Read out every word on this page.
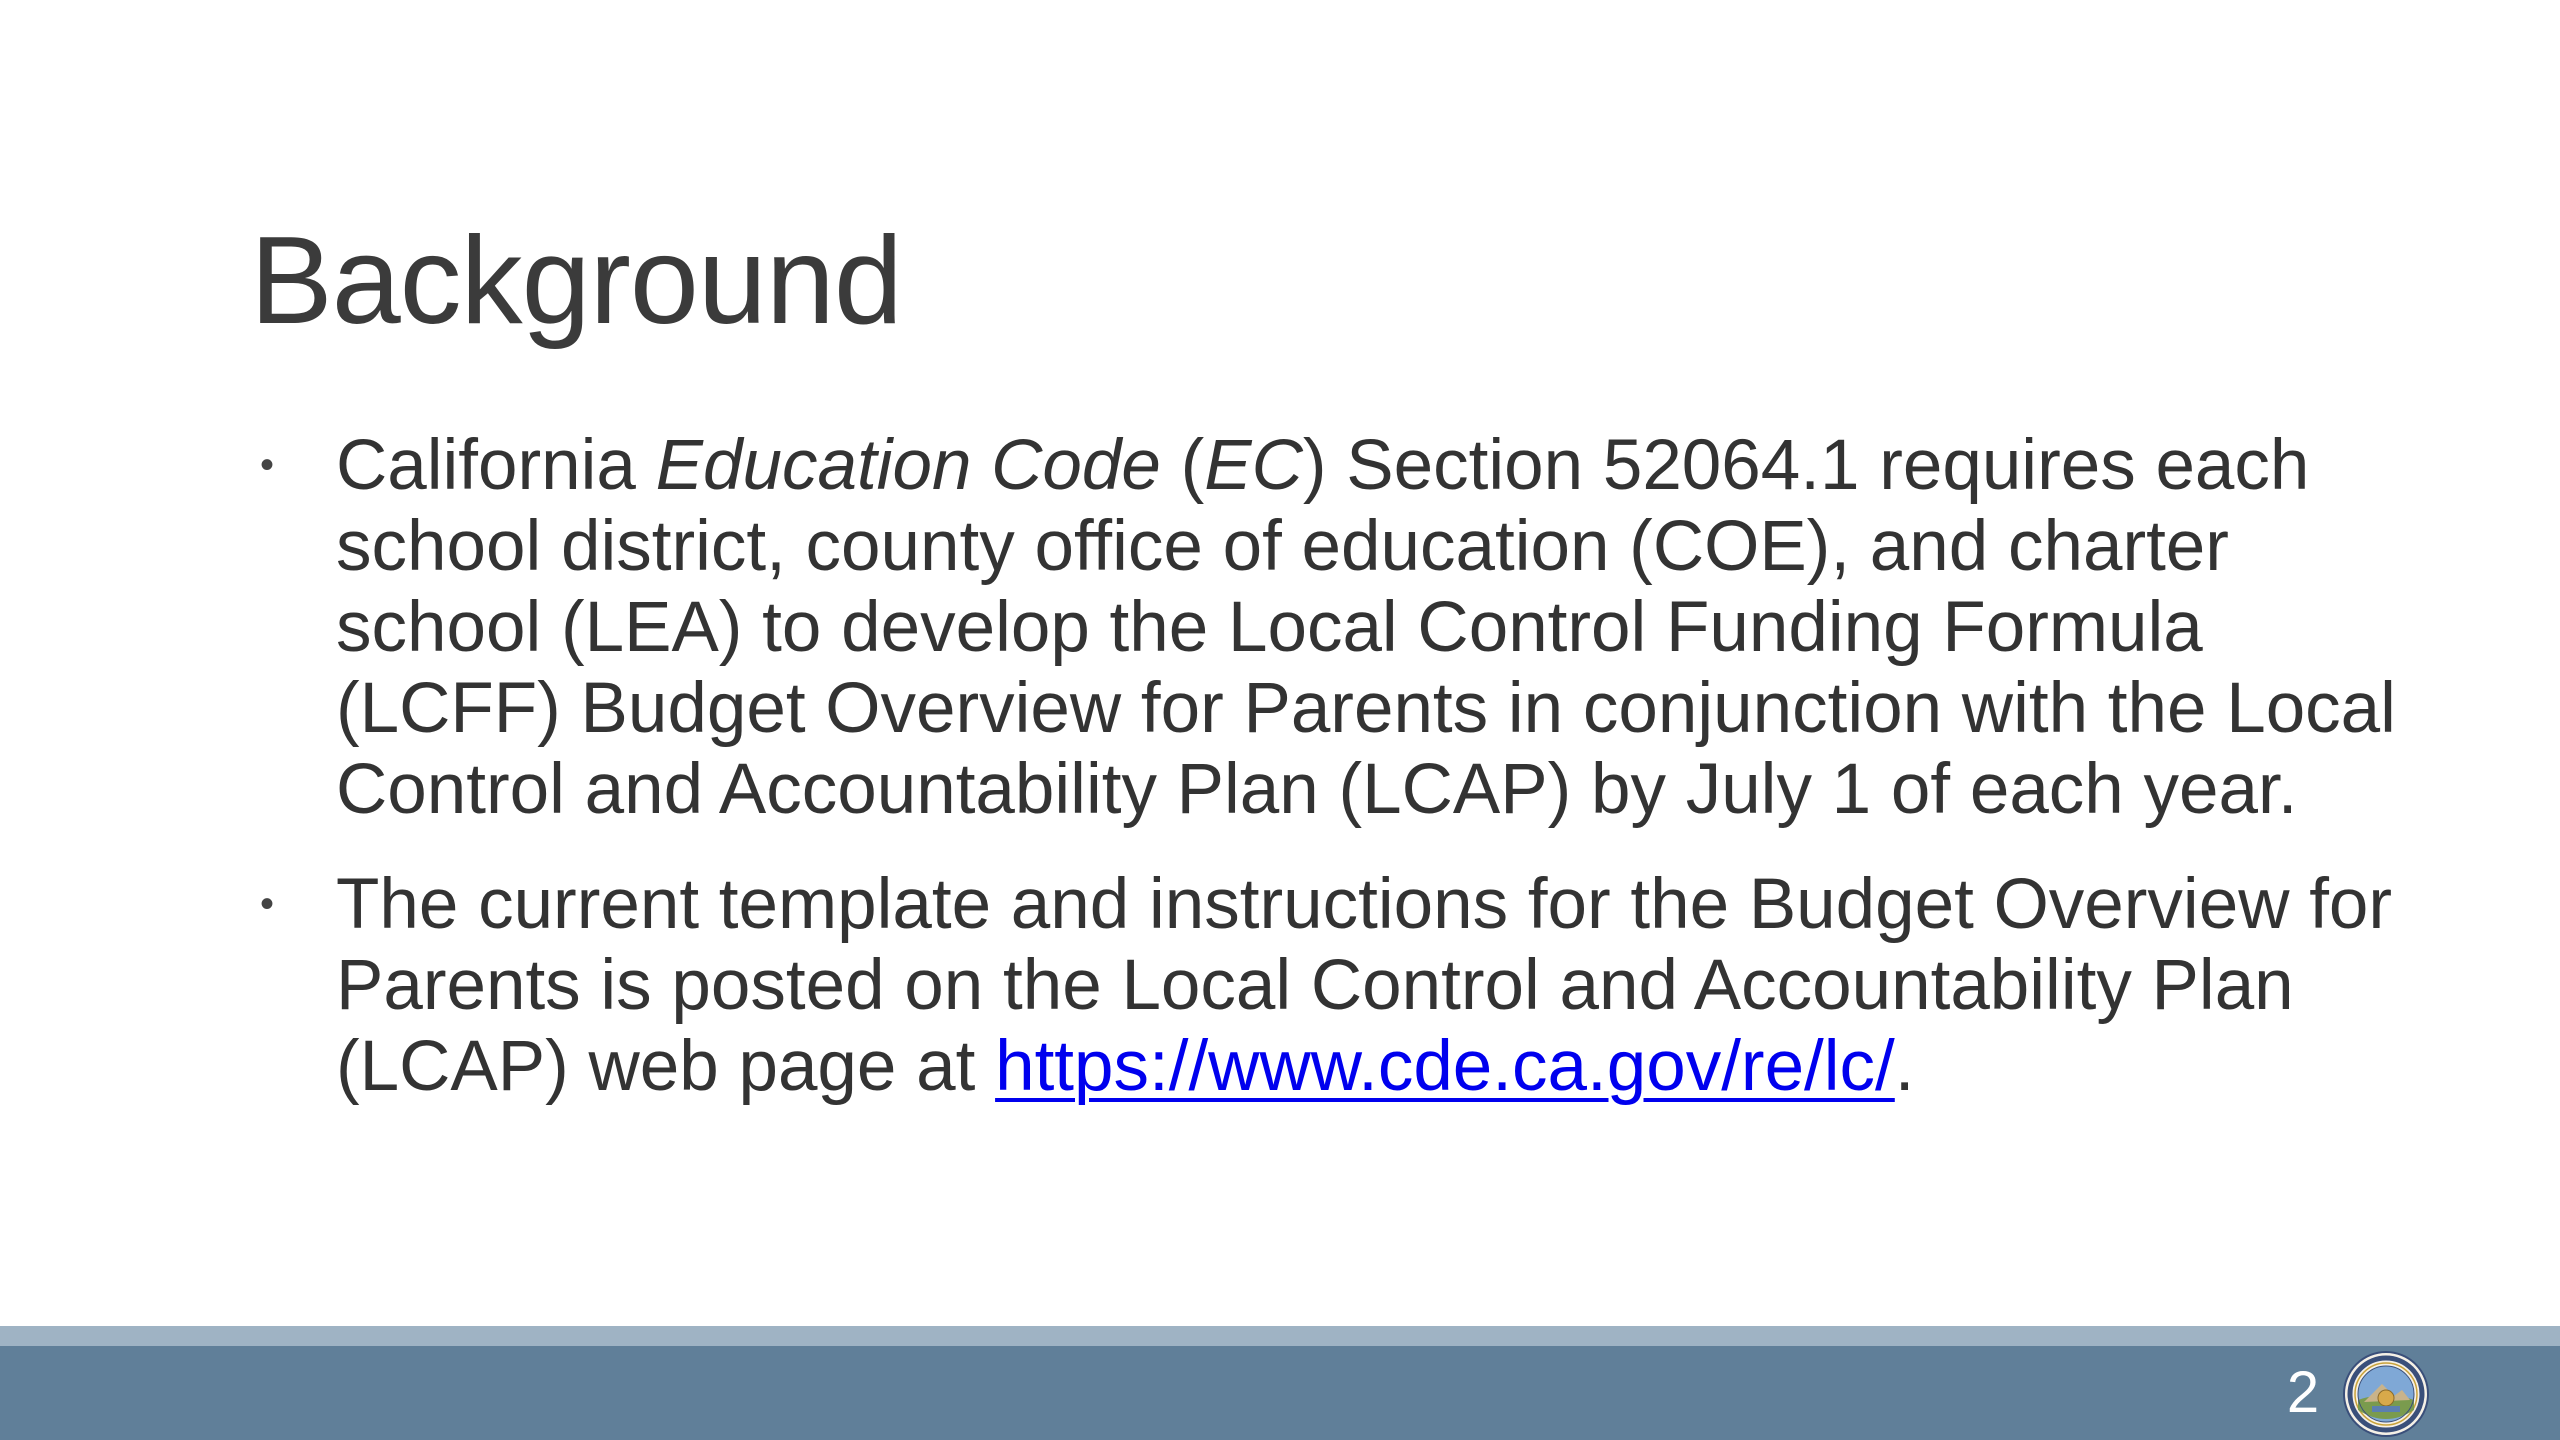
Background
• California Education Code (EC) Section 52064.1 requires each school district, county office of education (COE), and charter school (LEA) to develop the Local Control Funding Formula (LCFF) Budget Overview for Parents in conjunction with the Local Control and Accountability Plan (LCAP) by July 1 of each year.
• The current template and instructions for the Budget Overview for Parents is posted on the Local Control and Accountability Plan (LCAP) web page at https://www.cde.ca.gov/re/lc/.
2
